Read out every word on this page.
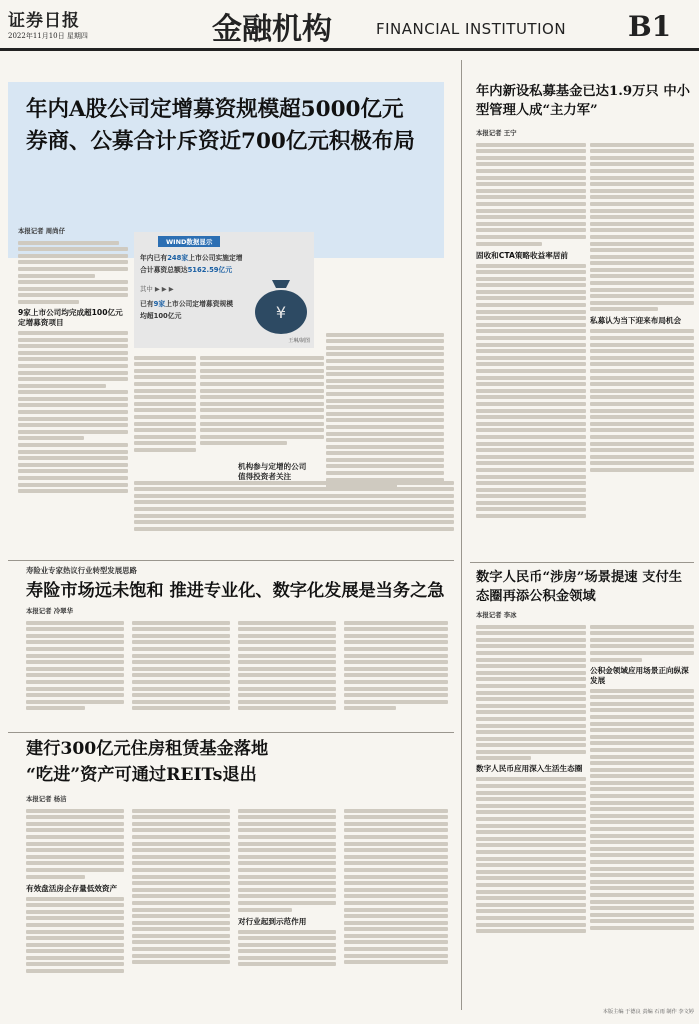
证券日报
2022年11月10日 星期四	金融机构	FINANCIAL INSTITUTION B1
年内A股公司定增募资规模超5000亿元
券商、公募合计斥资近700亿元积极布局
本报记者 周尚仔
9家上市公司均完成超100亿元定增募资项目
WIND数据显示
年内已有248家上市公司实施定增
合计募资总额达5162.59亿元
其中 ▶ ▶ ▶
已有9家上市公司定增募资规模
均超100亿元	¥
王琳/制图
机构参与定增的公司
值得投资者关注
年内新设私募基金已达1.9万只 中小型管理人成“主力军”
本报记者 王宁
固收和CTA策略收益率居前
私募认为当下迎来布局机会
寿险业专家热议行业转型发展思路
寿险市场远未饱和 推进专业化、数字化发展是当务之急
本报记者 冷翠华
建行300亿元住房租赁基金落地
“吃进”资产可通过REITs退出
本报记者 杨洁
有效盘活房企存量低效资产
对行业起到示范作用
数字人民币“涉房”场景提速 支付生态圈再添公积金领域
本报记者 李冰
数字人民币应用深入生活生态圈
公积金领域应用场景正向纵深发展
本版主编 于德良 责编 石雨 制作 李文婷
